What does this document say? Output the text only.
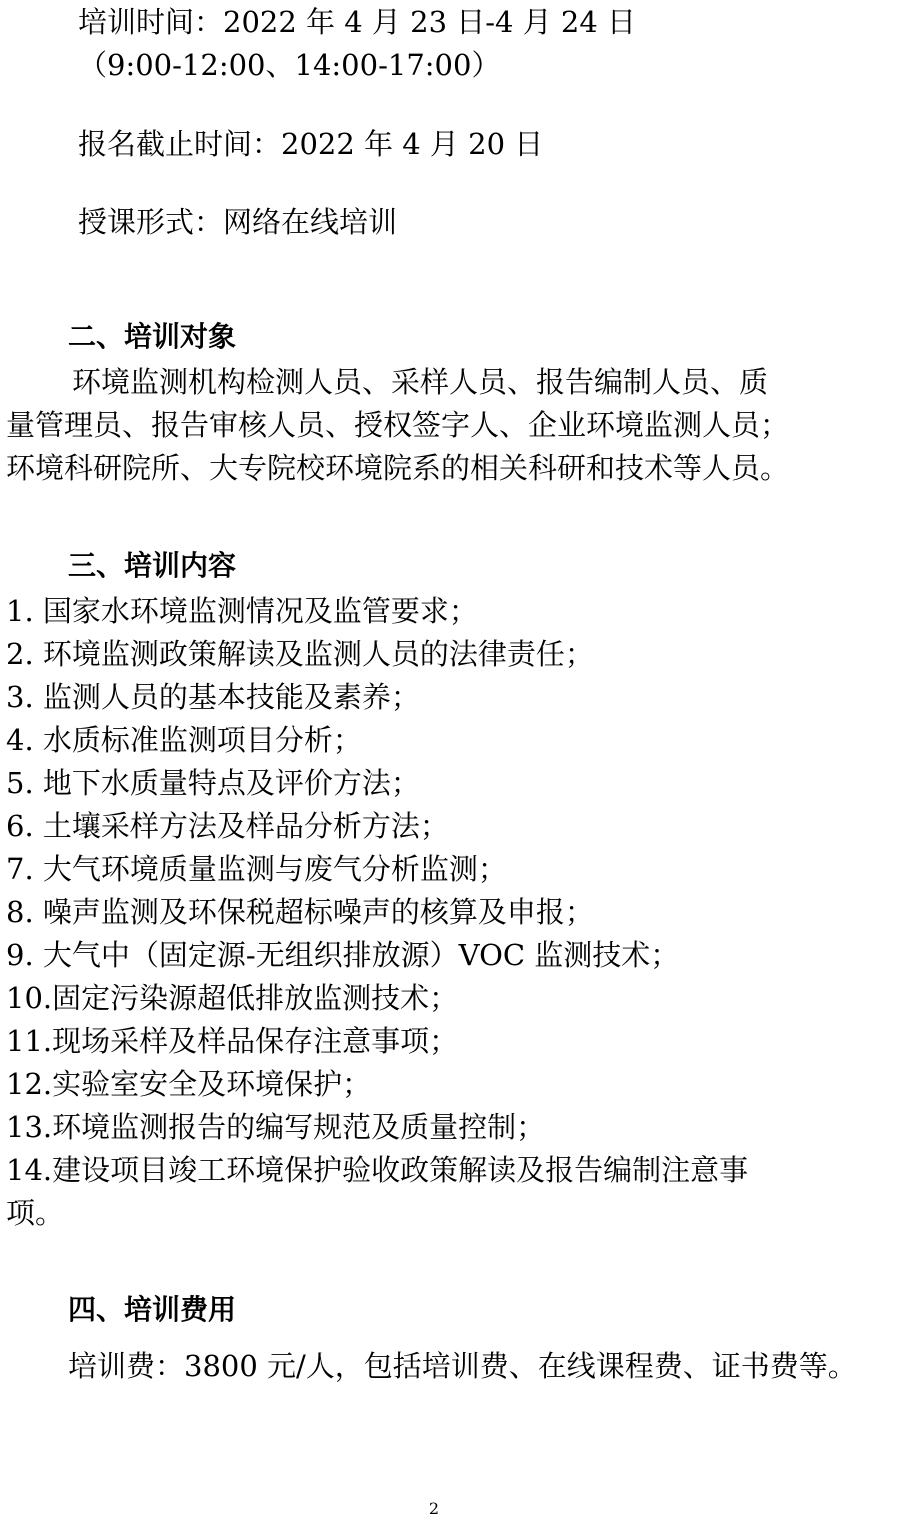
培训时间：2022 年 4 月 23 日-4 月 24 日

（9:00-12:00、14:00-17:00）

报名截止时间：2022 年 4 月 20 日

授课形式：网络在线培训

二、培训对象

环境监测机构检测人员、采样人员、报告编制人员、质

量管理员、报告审核人员、授权签字人、企业环境监测人员；

环境科研院所、大专院校环境院系的相关科研和技术等人员。

三、培训内容

1. 国家水环境监测情况及监管要求；

2. 环境监测政策解读及监测人员的法律责任；

3. 监测人员的基本技能及素养；

4. 水质标准监测项目分析；

5. 地下水质量特点及评价方法；

6. 土壤采样方法及样品分析方法；

7. 大气环境质量监测与废气分析监测；

8. 噪声监测及环保税超标噪声的核算及申报；

9. 大气中（固定源-无组织排放源）VOC 监测技术；

10.固定污染源超低排放监测技术；

11.现场采样及样品保存注意事项；

12.实验室安全及环境保护；

13.环境监测报告的编写规范及质量控制；

14.建设项目竣工环境保护验收政策解读及报告编制注意事

项。

四、培训费用

培训费：3800 元/人，包括培训费、在线课程费、证书费等。

2
